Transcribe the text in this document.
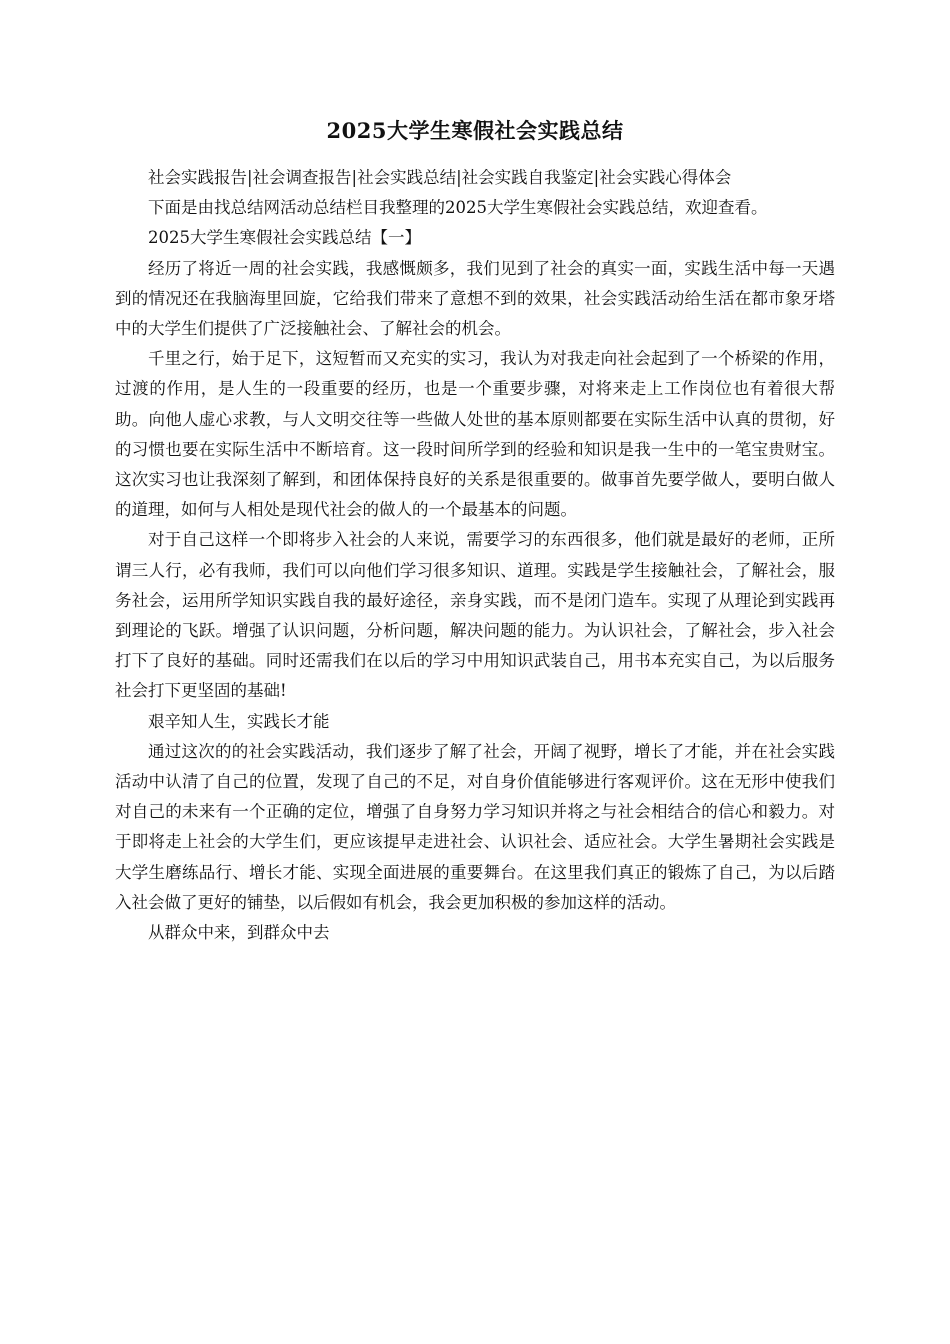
2025大学生寒假社会实践总结

社会实践报告|社会调查报告|社会实践总结|社会实践自我鉴定|社会实践心得体会

下面是由找总结网活动总结栏目我整理的2025大学生寒假社会实践总结，欢迎查看。

2025大学生寒假社会实践总结【一】

经历了将近一周的社会实践，我感慨颇多，我们见到了社会的真实一面，实践生活中每一天遇到的情况还在我脑海里回旋，它给我们带来了意想不到的效果，社会实践活动给生活在都市象牙塔中的大学生们提供了广泛接触社会、了解社会的机会。

千里之行，始于足下，这短暂而又充实的实习，我认为对我走向社会起到了一个桥梁的作用，过渡的作用，是人生的一段重要的经历，也是一个重要步骤，对将来走上工作岗位也有着很大帮助。向他人虚心求教，与人文明交往等一些做人处世的基本原则都要在实际生活中认真的贯彻，好的习惯也要在实际生活中不断培育。这一段时间所学到的经验和知识是我一生中的一笔宝贵财宝。这次实习也让我深刻了解到，和团体保持良好的关系是很重要的。做事首先要学做人，要明白做人的道理，如何与人相处是现代社会的做人的一个最基本的问题。

对于自己这样一个即将步入社会的人来说，需要学习的东西很多，他们就是最好的老师，正所谓三人行，必有我师，我们可以向他们学习很多知识、道理。实践是学生接触社会，了解社会，服务社会，运用所学知识实践自我的最好途径，亲身实践，而不是闭门造车。实现了从理论到实践再到理论的飞跃。增强了认识问题，分析问题，解决问题的能力。为认识社会，了解社会，步入社会打下了良好的基础。同时还需我们在以后的学习中用知识武装自己，用书本充实自己，为以后服务社会打下更坚固的基础!

艰辛知人生，实践长才能

通过这次的的社会实践活动，我们逐步了解了社会，开阔了视野，增长了才能，并在社会实践活动中认清了自己的位置，发现了自己的不足，对自身价值能够进行客观评价。这在无形中使我们对自己的未来有一个正确的定位，增强了自身努力学习知识并将之与社会相结合的信心和毅力。对于即将走上社会的大学生们，更应该提早走进社会、认识社会、适应社会。大学生暑期社会实践是大学生磨练品行、增长才能、实现全面进展的重要舞台。在这里我们真正的锻炼了自己，为以后踏入社会做了更好的铺垫，以后假如有机会，我会更加积极的参加这样的活动。

从群众中来，到群众中去
